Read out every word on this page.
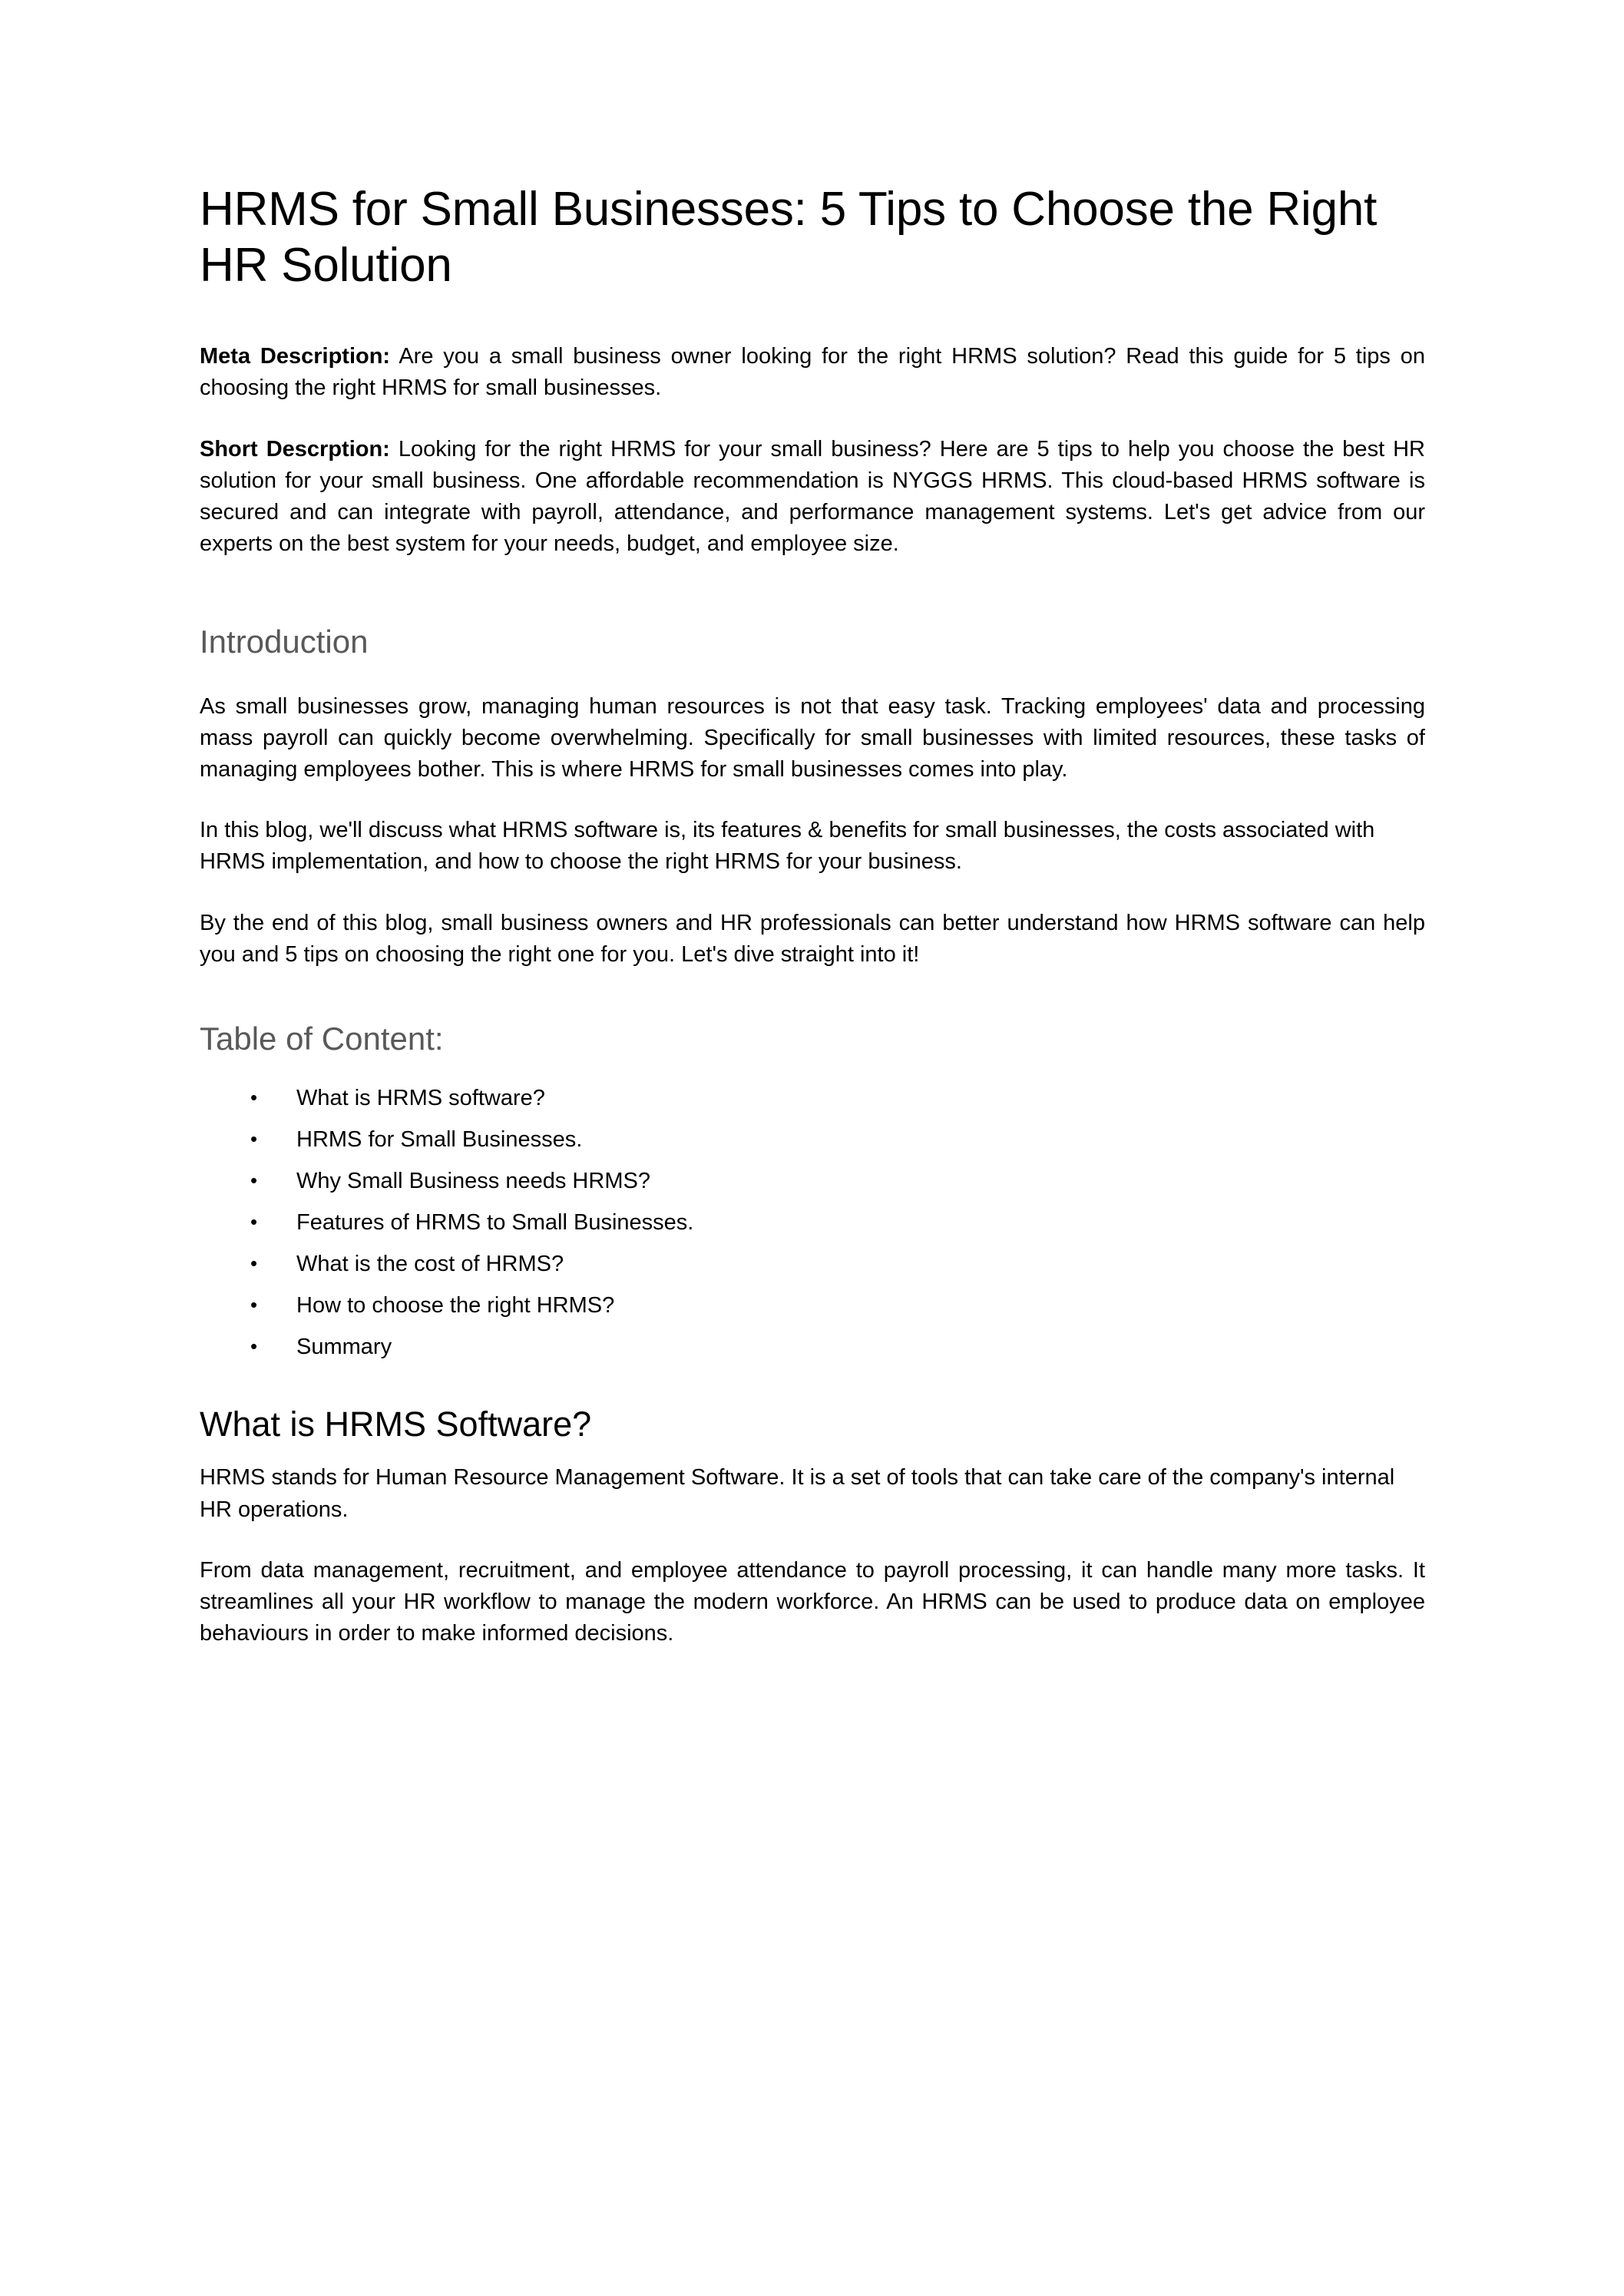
HRMS for Small Businesses: 5 Tips to Choose the Right HR Solution

Meta Description: Are you a small business owner looking for the right HRMS solution? Read this guide for 5 tips on choosing the right HRMS for small businesses.

Short Descrption: Looking for the right HRMS for your small business? Here are 5 tips to help you choose the best HR solution for your small business. One affordable recommendation is NYGGS HRMS. This cloud-based HRMS software is secured and can integrate with payroll, attendance, and performance management systems. Let's get advice from our experts on the best system for your needs, budget, and employee size.

Introduction

As small businesses grow, managing human resources is not that easy task. Tracking employees' data and processing mass payroll can quickly become overwhelming. Specifically for small businesses with limited resources, these tasks of managing employees bother. This is where HRMS for small businesses comes into play.

In this blog, we'll discuss what HRMS software is, its features & benefits for small businesses, the costs associated with HRMS implementation, and how to choose the right HRMS for your business.

By the end of this blog, small business owners and HR professionals can better understand how HRMS software can help you and 5 tips on choosing the right one for you. Let's dive straight into it!

Table of Content:
• What is HRMS software?
• HRMS for Small Businesses.
• Why Small Business needs HRMS?
• Features of HRMS to Small Businesses.
• What is the cost of HRMS?
• How to choose the right HRMS?
• Summary
What is HRMS Software?

HRMS stands for Human Resource Management Software. It is a set of tools that can take care of the company's internal HR operations.

From data management, recruitment, and employee attendance to payroll processing, it can handle many more tasks. It streamlines all your HR workflow to manage the modern workforce. An HRMS can be used to produce data on employee behaviours in order to make informed decisions.
